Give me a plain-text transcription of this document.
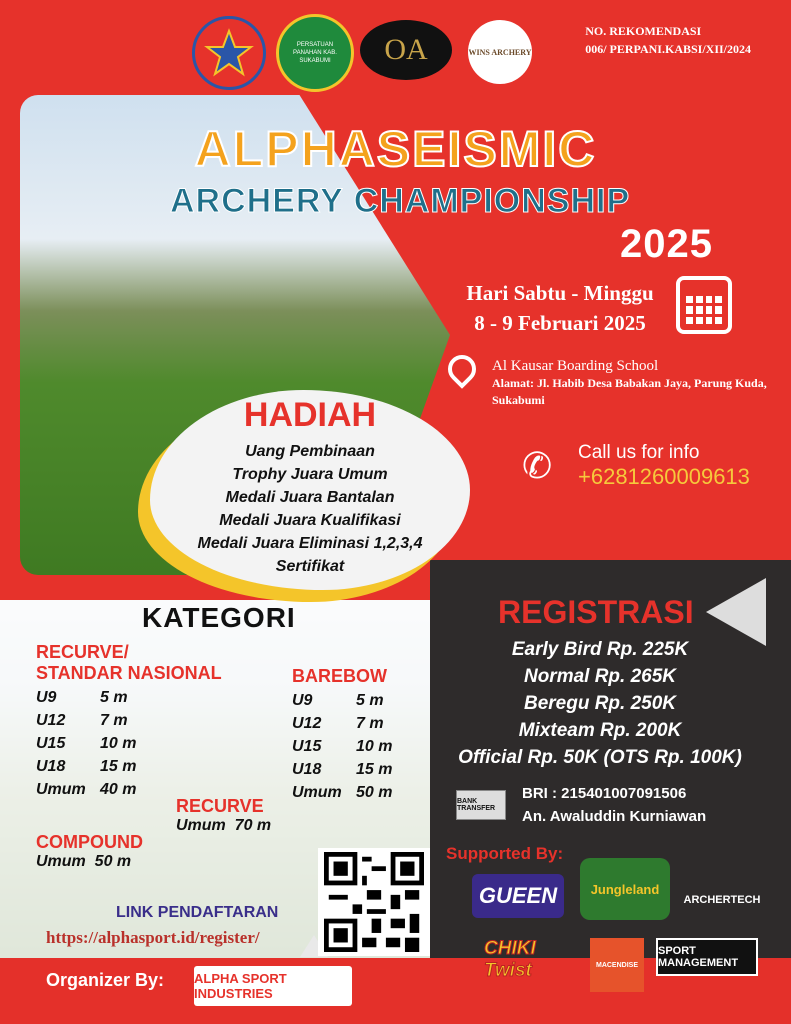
PERSATUAN PANAHAN KAB. SUKABUMI	OA	WINS ARCHERY
NO. REKOMENDASI
006/ PERPANI.KABSI/XII/2024
ALPHASEISMIC
ARCHERY CHAMPIONSHIP
2025
Hari Sabtu - Minggu
8 - 9 Februari 2025
Al Kausar Boarding School
Alamat: Jl. Habib Desa Babakan Jaya, Parung Kuda, Sukabumi
✆	Call us for info
+6281260009613
HADIAH
Uang Pembinaan
Trophy Juara Umum
Medali Juara Bantalan
Medali Juara Kualifikasi
Medali Juara Eliminasi 1,2,3,4
Sertifikat
KATEGORI
RECURVE/
STANDAR NASIONAL
U9	5 m
U12	7 m
U15	10 m
U18	15 m
Umum 40 m
BAREBOW
U9	5 m
U12	7 m
U15	10 m
U18	15 m
Umum 50 m
RECURVE
Umum  70 m
COMPOUND
Umum  50 m
REGISTRASI
Early Bird Rp. 225K
Normal Rp. 265K
Beregu Rp. 250K
Mixteam Rp. 200K
Official Rp. 50K (OTS Rp. 100K)
BANK TRANSFER
BRI : 215401007091506
An. Awaluddin Kurniawan
Supported By:
GUEEN	Jungleland
ARCHERTECH
CHIKI Twist	MACENDISE
SPORT MANAGEMENT
LINK PENDAFTARAN
https://alphasport.id/register/
Organizer By: ALPHA SPORT INDUSTRIES
